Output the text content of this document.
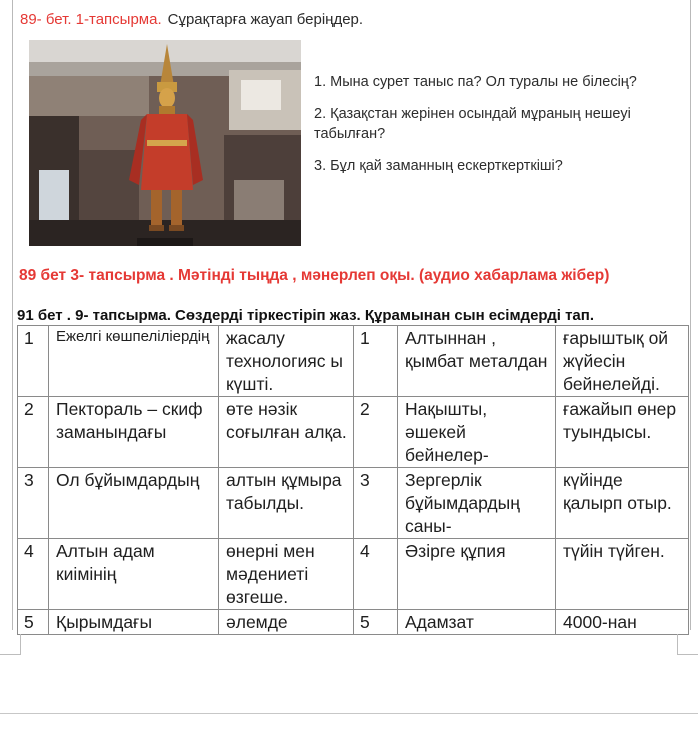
89- бет. 1-тапсырма. Сұрақтарға жауап беріңдер.

1. Мына сурет таныс па? Ол туралы не білесің?

2. Қазақстан жерінен осындай мұраның нешеуі табылған?

3. Бұл қай заманның ескерткерткіші?

89 бет 3- тапсырма . Мәтінді тыңда , мәнерлеп оқы. (аудио хабарлама жібер)
91 бет . 9- тапсырма. Сөздерді тіркестіріп жаз. Құрамынан сын есімдерді тап.
1	Ежелгі көшпеліліердің	жасалу технологияс ы күшті.	1	Алтыннан , қымбат металдан	ғарыштық ой жүйесін бейнелейді.
2	Пектораль – скиф заманындағы	өте нәзік соғылған алқа.	2	Нақышты, әшекей бейнелер-	ғажайып өнер туындысы.
3	Ол бұйымдардың	алтын құмыра табылды.	3	Зергерлік бұйымдардың саны-	күйінде қалырп отыр.
4	Алтын адам киімінің	өнерні мен мәдениеті өзгеше.	4	Әзірге құпия	түйін түйген.
5	Қырымдағы	әлемде	5	Адамзат	4000-нан
